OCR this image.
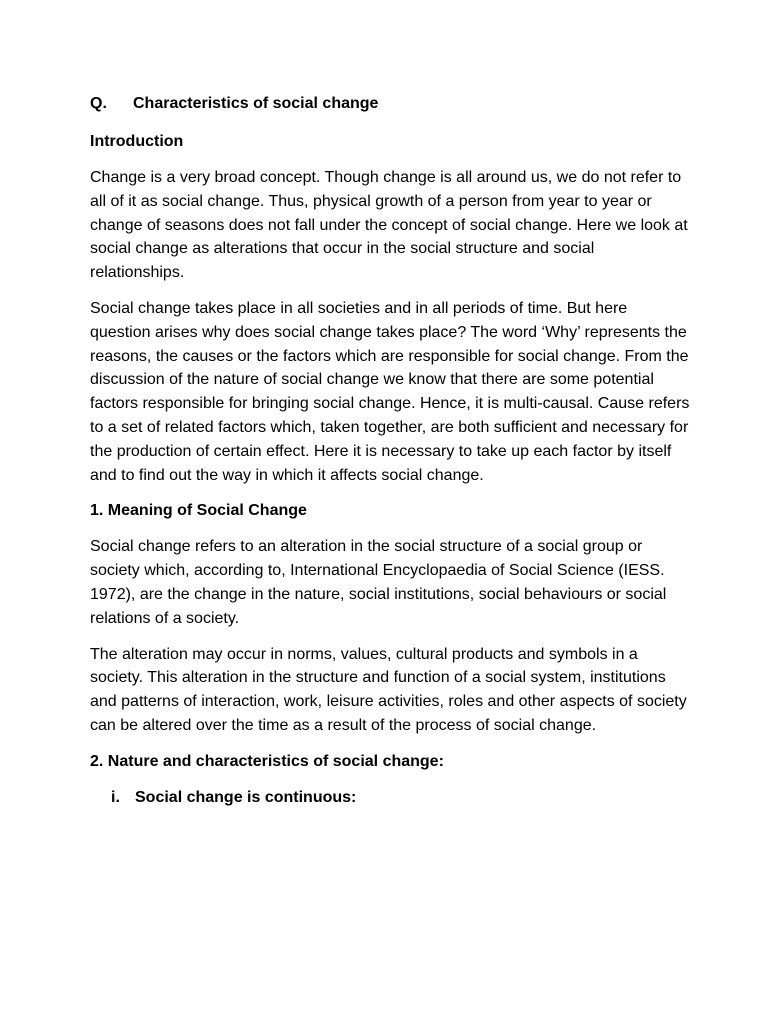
Q.	Characteristics of social change
Introduction

Change is a very broad concept. Though change is all around us, we do not refer to all of it as social change. Thus, physical growth of a person from year to year or change of seasons does not fall under the concept of social change. Here we look at social change as alterations that occur in the social structure and social relationships.

Social change takes place in all societies and in all periods of time. But here question arises why does social change takes place? The word ‘Why’ represents the reasons, the causes or the factors which are responsible for social change. From the discussion of the nature of social change we know that there are some potential factors responsible for bringing social change. Hence, it is multi-causal. Cause refers to a set of related factors which, taken together, are both sufficient and necessary for the production of certain effect. Here it is necessary to take up each factor by itself and to find out the way in which it affects social change.

1. Meaning of Social Change

Social change refers to an alteration in the social structure of a social group or society which, according to, International Encyclopaedia of Social Science (IESS. 1972), are the change in the nature, social institutions, social behaviours or social relations of a society.

The alteration may occur in norms, values, cultural products and symbols in a society. This alteration in the structure and function of a social system, institutions and patterns of interaction, work, leisure activities, roles and other aspects of society can be altered over the time as a result of the process of social change.

2. Nature and characteristics of social change:
i. Social change is continuous:
